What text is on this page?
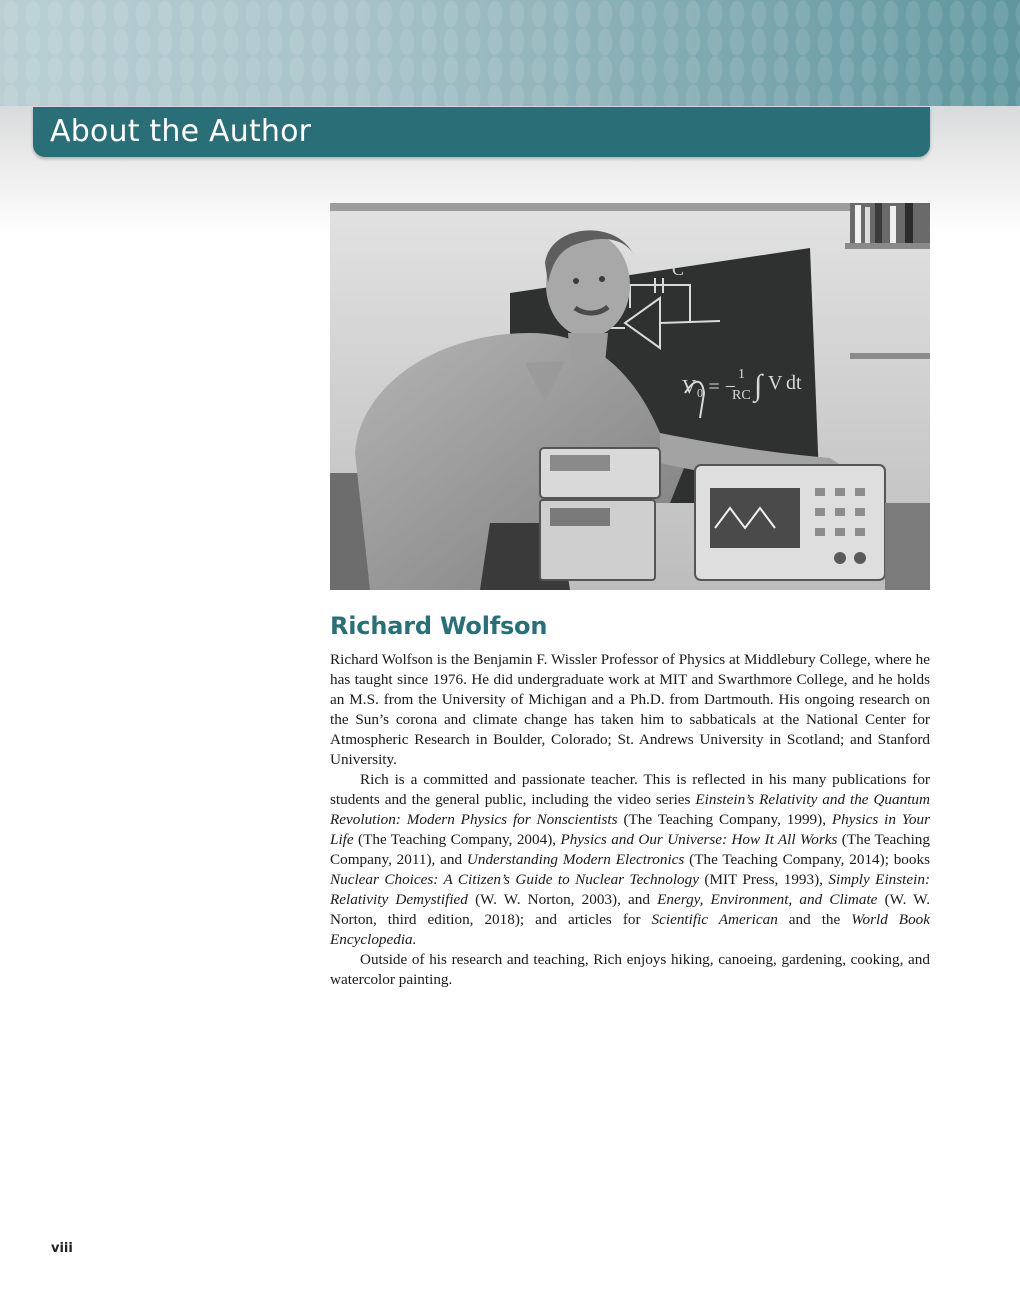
About the Author
C
V₀ = −
1
RC ∫ V dt
Richard Wolfson

Richard Wolfson is the Benjamin F. Wissler Professor of Physics at Middlebury College, where he has taught since 1976. He did undergraduate work at MIT and Swarthmore College, and he holds an M.S. from the University of Michigan and a Ph.D. from Dartmouth. His ongoing research on the Sun’s corona and climate change has taken him to sabbaticals at the National Center for Atmospheric Research in Boulder, Colorado; St. Andrews University in Scotland; and Stanford University.

Rich is a committed and passionate teacher. This is reflected in his many publications for students and the general public, including the video series Einstein’s Relativity and the Quantum Revolution: Modern Physics for Nonscientists (The Teaching Company, 1999), Physics in Your Life (The Teaching Company, 2004), Physics and Our Universe: How It All Works (The Teaching Company, 2011), and Understanding Modern Electronics (The Teaching Company, 2014); books Nuclear Choices: A Citizen’s Guide to Nuclear Technology (MIT Press, 1993), Simply Einstein: Relativity Demystified (W. W. Norton, 2003), and Energy, Environment, and Climate (W. W. Norton, third edition, 2018); and articles for Scientific American and the World Book Encyclopedia.

Outside of his research and teaching, Rich enjoys hiking, canoeing, gardening, cooking, and watercolor painting.

viii
